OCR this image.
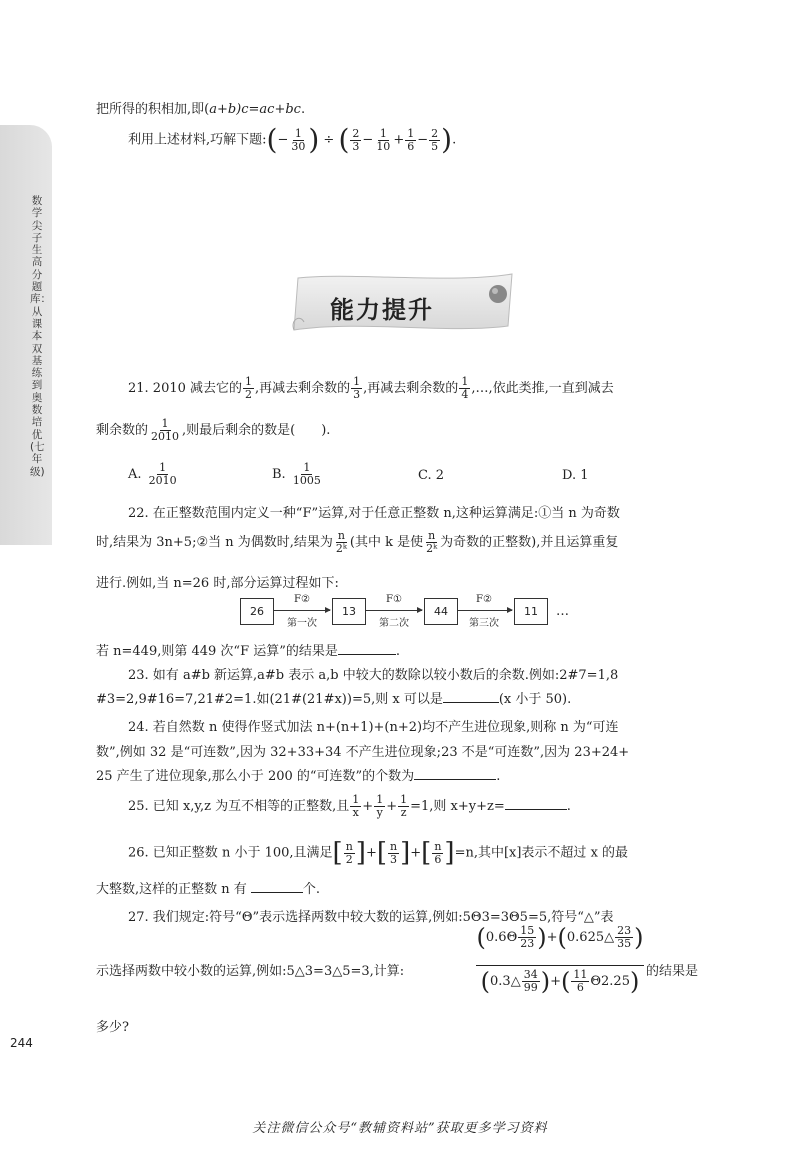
数学尖子生高分题库：从课本双基练到奥数培优(七年级)
244
把所得的积相加,即(a+b)c=ac+bc.
利用上述材料,巧解下题:(− $\frac{1}{30}$ ) ÷ ( $\frac{2}{3} - \frac{1}{10} + \frac{1}{6} - \frac{2}{5}$ ).
能力提升
21. 2010 减去它的 $\frac{1}{2}$ ,再减去剩余数的 $\frac{1}{3}$ ,再减去剩余数的 $\frac{1}{4}$ ,…,依此类推,一直到减去
剩余数的 $\frac{1}{2010}$ ,则最后剩余的数是(　　).
A. $\frac{1}{2010}$	B. $\frac{1}{1005}$	C. 2	D. 1
22. 在正整数范围内定义一种“F”运算,对于任意正整数 n,这种运算满足:①当 n 为奇数
时,结果为 3n+5;②当 n 为偶数时,结果为 $\frac{n}{\text{2ᵏ}}$ (其中 k 是使 $\frac{n}{\text{2ᵏ}}$ 为奇数的正整数),并且运算重复
进行.例如,当 n=26 时,部分运算过程如下:
26
F②
第一次
13
F①
第二次
44
F②
第三次
11	…
若 n=449,则第 449 次“F 运算”的结果是	.
23. 如有 a#b 新运算,a#b 表示 a,b 中较大的数除以较小数后的余数.例如:2#7=1,8
#3=2,9#16=7,21#2=1.如(21#(21#x))=5,则 x 可以是	(x 小于 50).
24. 若自然数 n 使得作竖式加法 n+(n+1)+(n+2)均不产生进位现象,则称 n 为“可连
数”,例如 32 是“可连数”,因为 32+33+34 不产生进位现象;23 不是“可连数”,因为 23+24+
25 产生了进位现象,那么小于 200 的“可连数”的个数为	.
25. 已知 x,y,z 为互不相等的正整数,且 $\frac{1}{x} + \frac{1}{y} + \frac{1}{z} =1$,则 x+y+z=	.
26. 已知正整数 n 小于 100,且满足[ $\frac{n}{2}$ ]+[ $\frac{n}{3}$ ]+[ $\frac{n}{6} ]=n$,其中[x]表示不超过 x 的最
大整数,这样的正整数 n 有	个.
27. 我们规定:符号“Θ”表示选择两数中较大数的运算,例如:5Θ3=3Θ5=5,符号“△”表
示选择两数中较小数的运算,例如:5△3=3△5=3,计算:
($0.6\Theta \frac{15}{23}$ )+(0.625△ $\frac{23}{35}$ )
(0.3△ $\frac{34}{99}$ )+( $\frac{11}{6} \Theta 2.25$) 的结果是
多少?
关注微信公众号“教辅资料站”获取更多学习资料
